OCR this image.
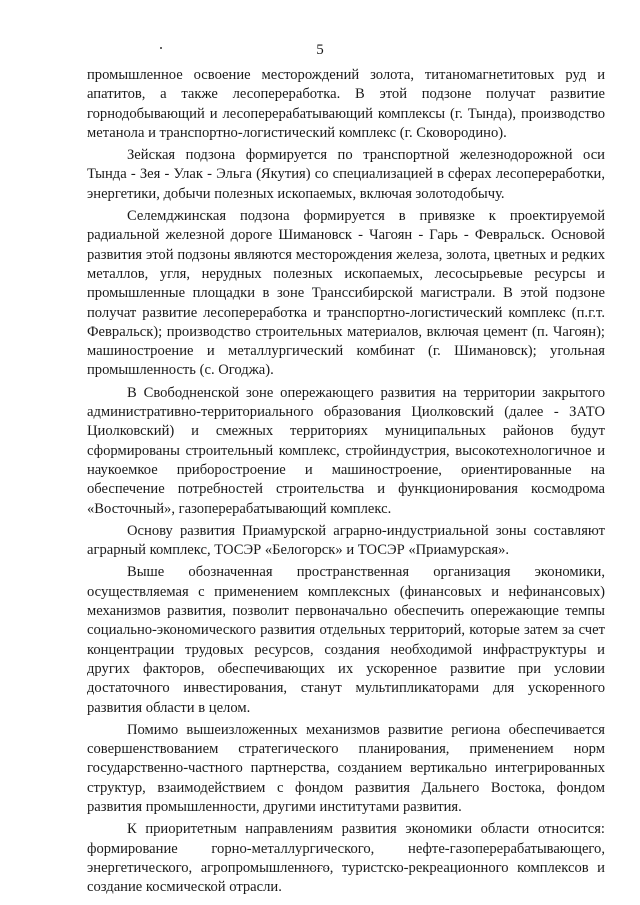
5

промышленное освоение месторождений золота, титаномагнетитовых руд и апатитов, а также лесопереработка. В этой подзоне получат развитие горнодобывающий и лесоперерабатывающий комплексы (г. Тында), производство метанола и транспортно-логистический комплекс (г. Сковородино).

Зейская подзона формируется по транспортной железнодорожной оси Тында - Зея - Улак - Эльга (Якутия) со специализацией в сферах лесопереработки, энергетики, добычи полезных ископаемых, включая золотодобычу.

Селемджинская подзона формируется в привязке к проектируемой радиальной железной дороге Шимановск - Чагоян - Гарь - Февральск. Основой развития этой подзоны являются месторождения железа, золота, цветных и редких металлов, угля, нерудных полезных ископаемых, лесосырьевые ресурсы и промышленные площадки в зоне Транссибирской магистрали. В этой подзоне получат развитие лесопереработка и транспортно-логистический комплекс (п.г.т. Февральск); производство строительных материалов, включая цемент (п. Чагоян); машиностроение и металлургический комбинат (г. Шимановск); угольная промышленность (с. Огоджа).

В Свободненской зоне опережающего развития на территории закрытого административно-территориального образования Циолковский (далее - ЗАТО Циолковский) и смежных территориях муниципальных районов будут сформированы строительный комплекс, стройиндустрия, высокотехнологичное и наукоемкое приборостроение и машиностроение, ориентированные на обеспечение потребностей строительства и функционирования космодрома «Восточный», газоперерабатывающий комплекс.

Основу развития Приамурской аграрно-индустриальной зоны составляют аграрный комплекс, ТОСЭР «Белогорск» и ТОСЭР «Приамурская».

Выше обозначенная пространственная организация экономики, осуществляемая с применением комплексных (финансовых и нефинансовых) механизмов развития, позволит первоначально обеспечить опережающие темпы социально-экономического развития отдельных территорий, которые затем за счет концентрации трудовых ресурсов, создания необходимой инфраструктуры и других факторов, обеспечивающих их ускоренное развитие при условии достаточного инвестирования, станут мультипликаторами для ускоренного развития области в целом.

Помимо вышеизложенных механизмов развитие региона обеспечивается совершенствованием стратегического планирования, применением норм государственно-частного партнерства, созданием вертикально интегрированных структур, взаимодействием с фондом развития Дальнего Востока, фондом развития промышленности, другими институтами развития.

К приоритетным направлениям развития экономики области относится: формирование горно-металлургического, нефте-газоперерабатывающего, энергетического, агропромышленного, туристско-рекреационного комплексов и создание космической отрасли.
